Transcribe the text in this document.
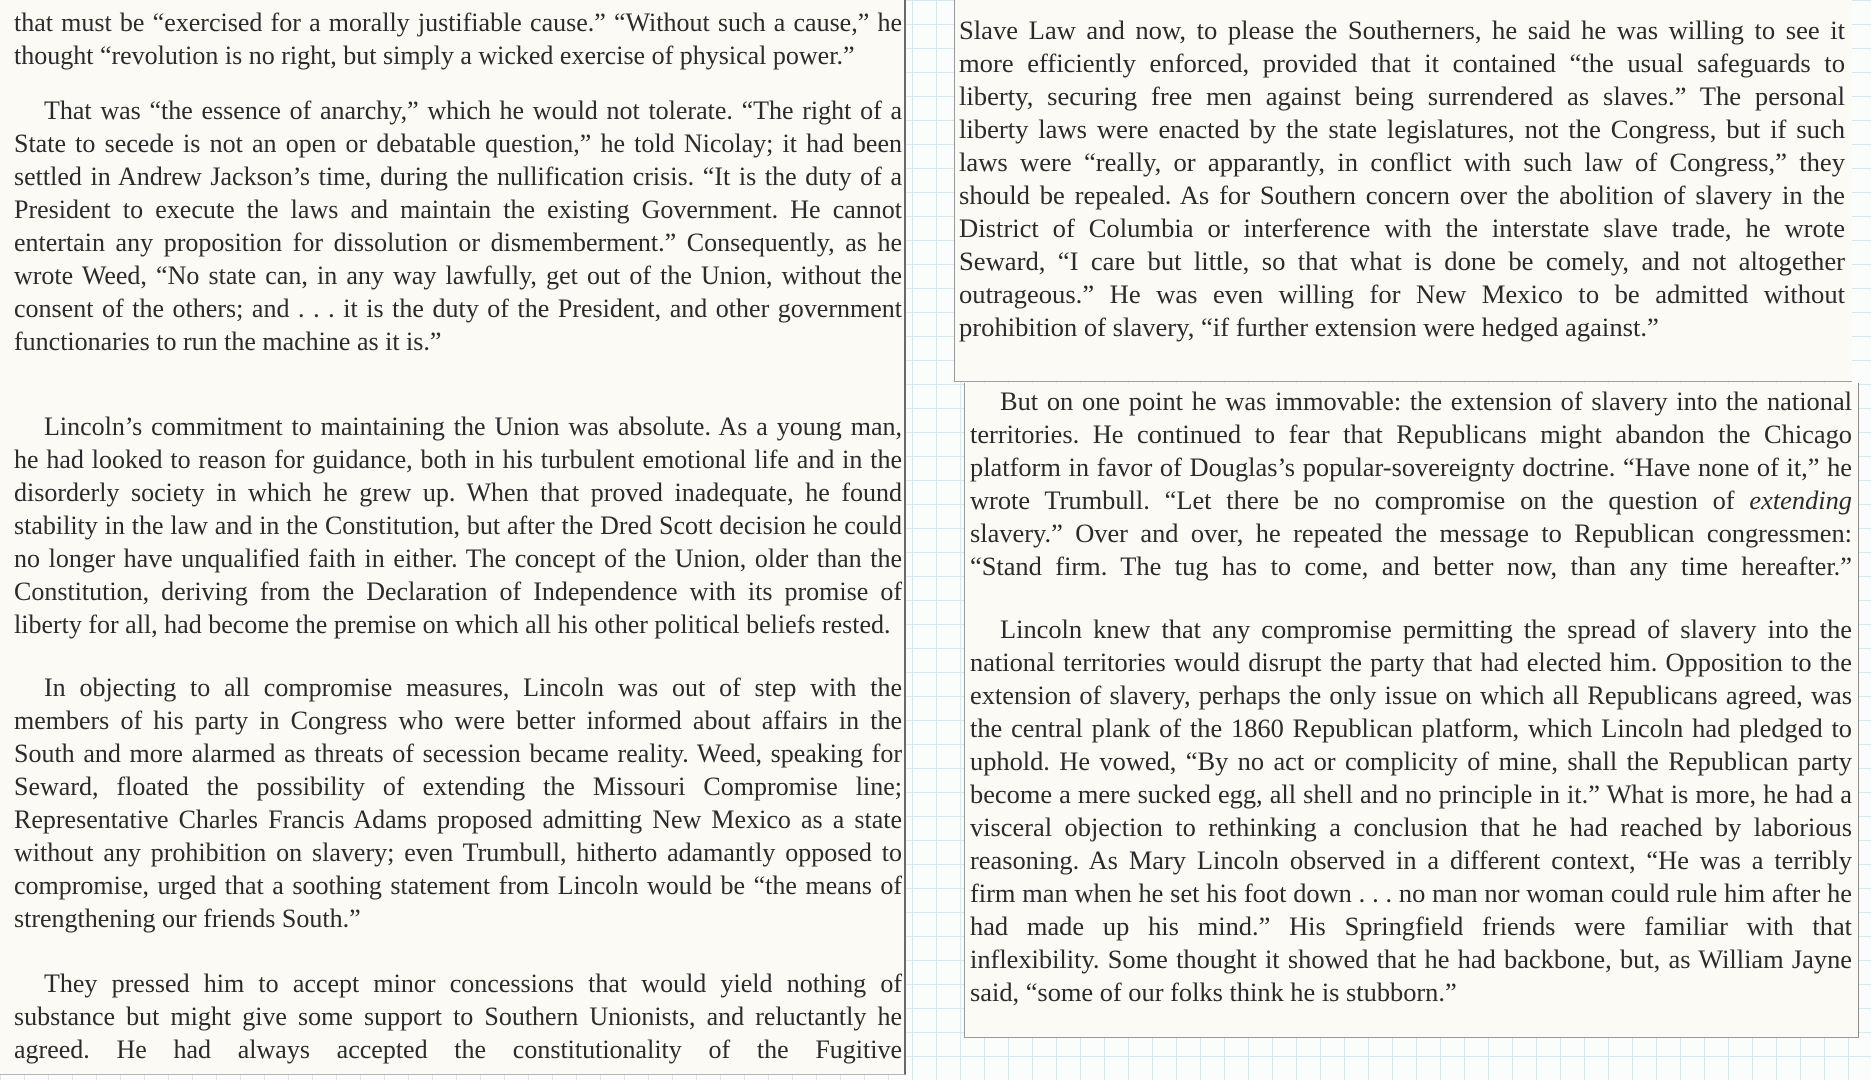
that must be “exercised for a morally justifiable cause.” “Without such a cause,” he thought “revolution is no right, but simply a wicked exercise of physical power.”

That was “the essence of anarchy,” which he would not tolerate. “The right of a State to secede is not an open or debatable question,” he told Nicolay; it had been settled in Andrew Jackson’s time, during the nullification crisis. “It is the duty of a President to execute the laws and maintain the existing Government. He cannot entertain any proposition for dissolution or dismemberment.” Consequently, as he wrote Weed, “No state can, in any way lawfully, get out of the Union, without the consent of the others; and . . . it is the duty of the President, and other government functionaries to run the machine as it is.”

Lincoln’s commitment to maintaining the Union was absolute. As a young man, he had looked to reason for guidance, both in his turbulent emotional life and in the disorderly society in which he grew up. When that proved inadequate, he found stability in the law and in the Constitution, but after the Dred Scott decision he could no longer have unqualified faith in either. The concept of the Union, older than the Constitution, deriving from the Declaration of Independence with its promise of liberty for all, had become the premise on which all his other political beliefs rested.

In objecting to all compromise measures, Lincoln was out of step with the members of his party in Congress who were better informed about affairs in the South and more alarmed as threats of secession became reality. Weed, speaking for Seward, floated the possibility of extending the Missouri Compromise line; Representative Charles Francis Adams proposed admitting New Mexico as a state without any prohibition on slavery; even Trumbull, hitherto adamantly opposed to compromise, urged that a soothing statement from Lincoln would be “the means of strengthening our friends South.”

They pressed him to accept minor concessions that would yield nothing of substance but might give some support to Southern Unionists, and reluctantly he agreed. He had always accepted the constitutionality of the Fugitive

Slave Law and now, to please the Southerners, he said he was willing to see it more efficiently enforced, provided that it contained “the usual safeguards to liberty, securing free men against being surrendered as slaves.” The personal liberty laws were enacted by the state legislatures, not the Congress, but if such laws were “really, or apparantly, in conflict with such law of Congress,” they should be repealed. As for Southern concern over the abolition of slavery in the District of Columbia or interference with the interstate slave trade, he wrote Seward, “I care but little, so that what is done be comely, and not altogether outrageous.” He was even willing for New Mexico to be admitted without prohibition of slavery, “if further extension were hedged against.”

But on one point he was immovable: the extension of slavery into the national territories. He continued to fear that Republicans might abandon the Chicago platform in favor of Douglas’s popular-sovereignty doctrine. “Have none of it,” he wrote Trumbull. “Let there be no compromise on the question of extending slavery.” Over and over, he repeated the message to Republican congressmen: “Stand firm. The tug has to come, and better now, than any time hereafter.”

Lincoln knew that any compromise permitting the spread of slavery into the national territories would disrupt the party that had elected him. Opposition to the extension of slavery, perhaps the only issue on which all Republicans agreed, was the central plank of the 1860 Republican platform, which Lincoln had pledged to uphold. He vowed, “By no act or complicity of mine, shall the Republican party become a mere sucked egg, all shell and no principle in it.” What is more, he had a visceral objection to rethinking a conclusion that he had reached by laborious reasoning. As Mary Lincoln observed in a different context, “He was a terribly firm man when he set his foot down . . . no man nor woman could rule him after he had made up his mind.” His Springfield friends were familiar with that inflexibility. Some thought it showed that he had backbone, but, as William Jayne said, “some of our folks think he is stubborn.”
